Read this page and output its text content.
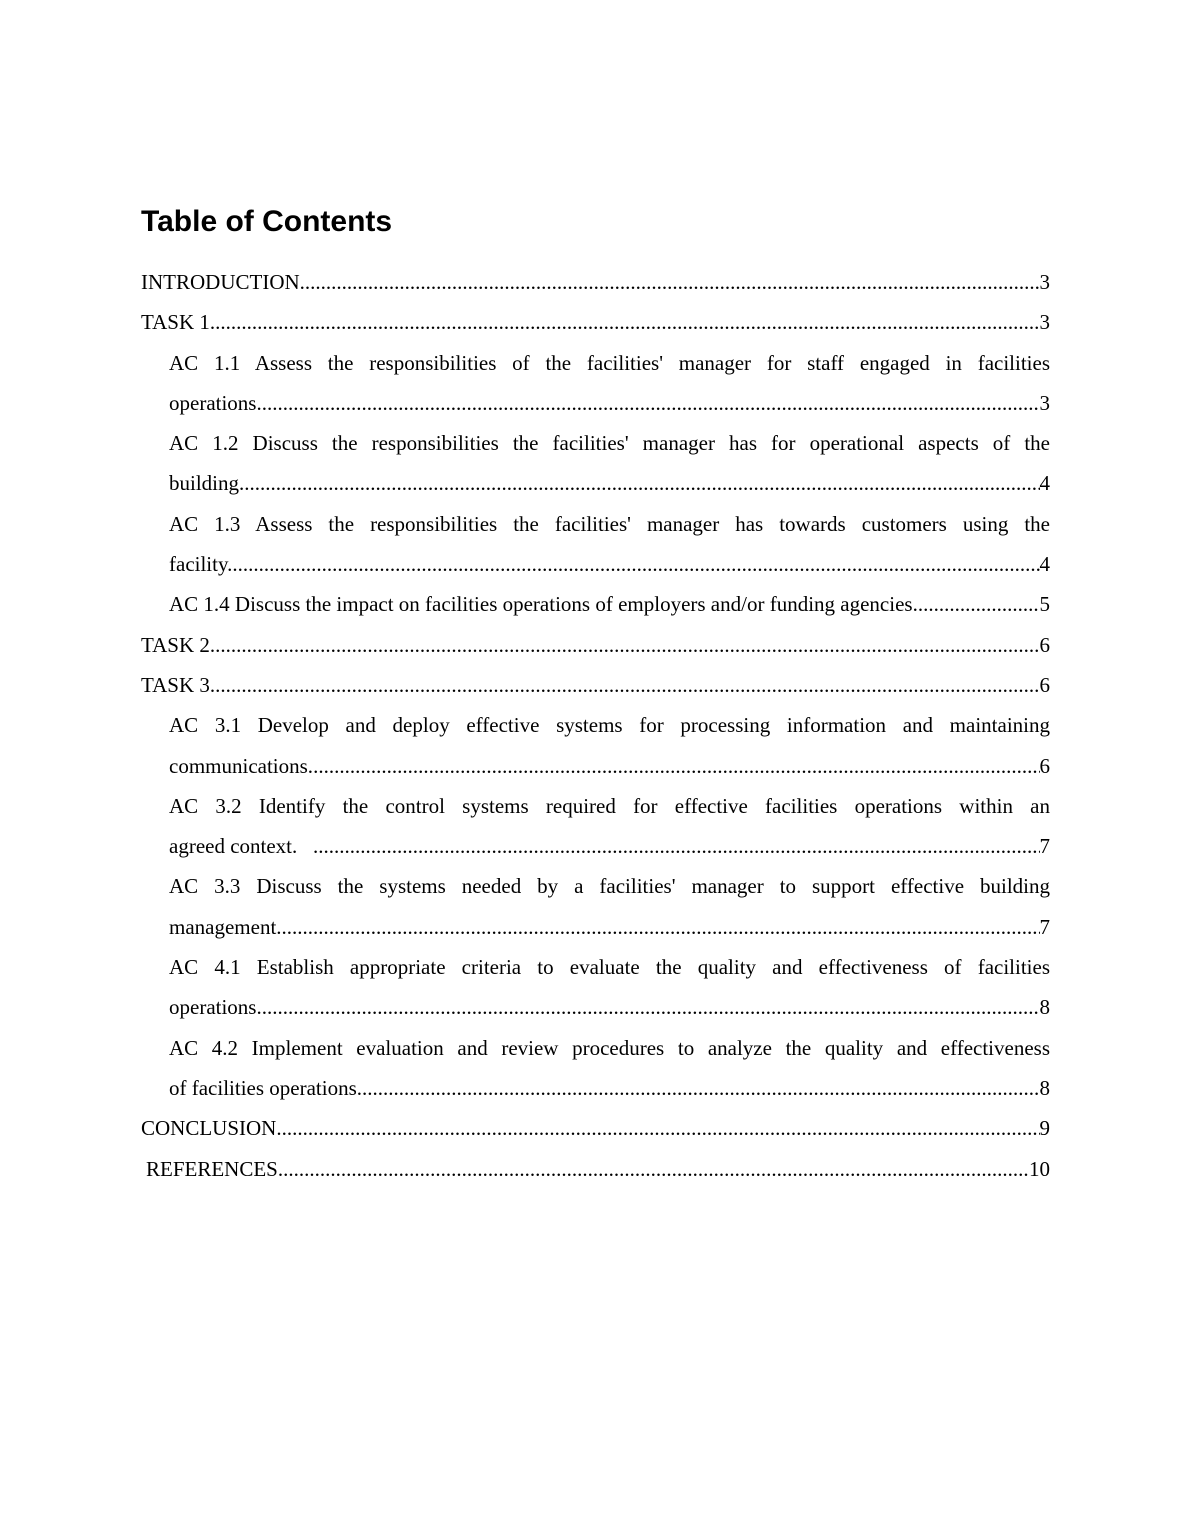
Table of Contents
INTRODUCTION .....	3
TASK 1 .....	3
AC 1.1 Assess the responsibilities of the facilities' manager for staff engaged in facilities
operations. .....	3
AC 1.2 Discuss the responsibilities the facilities' manager has for operational aspects of the
building .....	4
AC 1.3 Assess the responsibilities the facilities' manager has towards customers using the
facility. .....	4
AC 1.4 Discuss the impact on facilities operations of employers and/or funding agencies .....	5
TASK 2 .....	6
TASK 3 .....	6
AC 3.1 Develop and deploy effective systems for processing information and maintaining
communications. .....	6
AC 3.2 Identify the control systems required for effective facilities operations within an
agreed context. .....	7
AC 3.3 Discuss the systems needed by a facilities' manager to support effective building
management .....	7
AC 4.1 Establish appropriate criteria to evaluate the quality and effectiveness of facilities
operations .....	8
AC 4.2 Implement evaluation and review procedures to analyze the quality and effectiveness
of facilities operations. .....	8
CONCLUSION .....	9
REFERENCES .....	10
